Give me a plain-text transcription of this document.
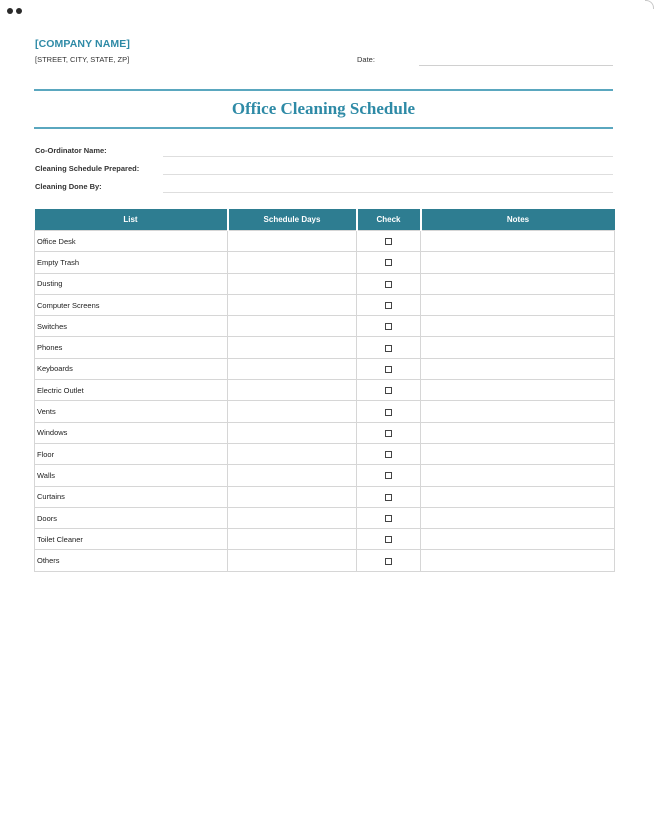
[COMPANY NAME]
[STREET, CITY, STATE, ZP]	Date:
Office Cleaning Schedule
Co-Ordinator Name:
Cleaning Schedule Prepared:
Cleaning Done By:
List	Schedule Days	Check	Notes
Office Desk			
Empty Trash			
Dusting			
Computer Screens			
Switches			
Phones			
Keyboards			
Electric Outlet			
Vents			
Windows			
Floor			
Walls			
Curtains			
Doors			
Toilet Cleaner			
Others			
